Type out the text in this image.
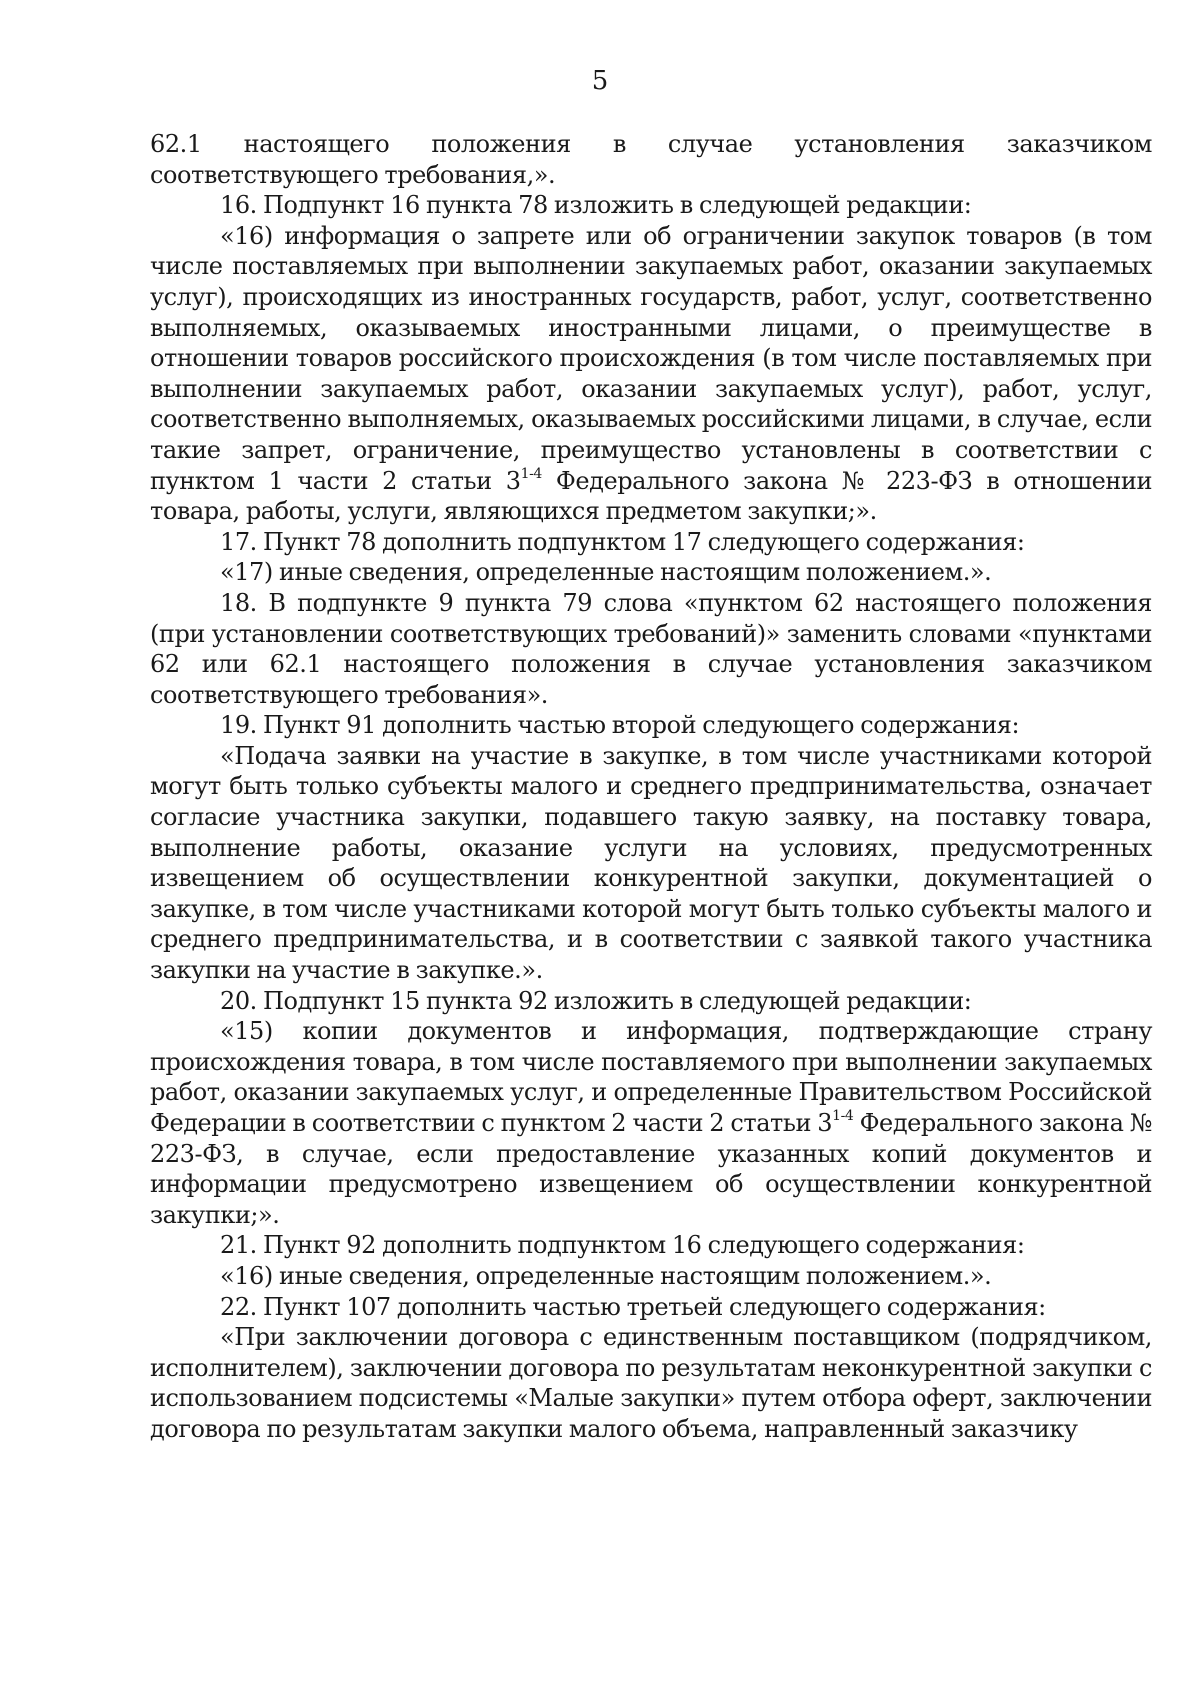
5

62.1 настоящего положения в случае установления заказчиком соответствующего требования,».

16. Подпункт 16 пункта 78 изложить в следующей редакции:

«16) информация о запрете или об ограничении закупок товаров (в том числе поставляемых при выполнении закупаемых работ, оказании закупаемых услуг), происходящих из иностранных государств, работ, услуг, соответственно выполняемых, оказываемых иностранными лицами, о преимуществе в отношении товаров российского происхождения (в том числе поставляемых при выполнении закупаемых работ, оказании закупаемых услуг), работ, услуг, соответственно выполняемых, оказываемых российскими лицами, в случае, если такие запрет, ограничение, преимущество установлены в соответствии с пунктом 1 части 2 статьи 3$^{1-4}$ Федерального закона № 223-ФЗ в отношении товара, работы, услуги, являющихся предметом закупки;».

17. Пункт 78 дополнить подпунктом 17 следующего содержания:

«17) иные сведения, определенные настоящим положением.».

18. В подпункте 9 пункта 79 слова «пунктом 62 настоящего положения (при установлении соответствующих требований)» заменить словами «пунктами 62 или 62.1 настоящего положения в случае установления заказчиком соответствующего требования».

19. Пункт 91 дополнить частью второй следующего содержания:

«Подача заявки на участие в закупке, в том числе участниками которой могут быть только субъекты малого и среднего предпринимательства, означает согласие участника закупки, подавшего такую заявку, на поставку товара, выполнение работы, оказание услуги на условиях, предусмотренных извещением об осуществлении конкурентной закупки, документацией о закупке, в том числе участниками которой могут быть только субъекты малого и среднего предпринимательства, и в соответствии с заявкой такого участника закупки на участие в закупке.».

20. Подпункт 15 пункта 92 изложить в следующей редакции:

«15) копии документов и информация, подтверждающие страну происхождения товара, в том числе поставляемого при выполнении закупаемых работ, оказании закупаемых услуг, и определенные Правительством Российской Федерации в соответствии с пунктом 2 части 2 статьи 3$^{1-4}$ Федерального закона № 223-ФЗ, в случае, если предоставление указанных копий документов и информации предусмотрено извещением об осуществлении конкурентной закупки;».

21. Пункт 92 дополнить подпунктом 16 следующего содержания:

«16) иные сведения, определенные настоящим положением.».

22. Пункт 107 дополнить частью третьей следующего содержания:

«При заключении договора с единственным поставщиком (подрядчиком, исполнителем), заключении договора по результатам неконкурентной закупки с использованием подсистемы «Малые закупки» путем отбора оферт, заключении договора по результатам закупки малого объема, направленный заказчику
